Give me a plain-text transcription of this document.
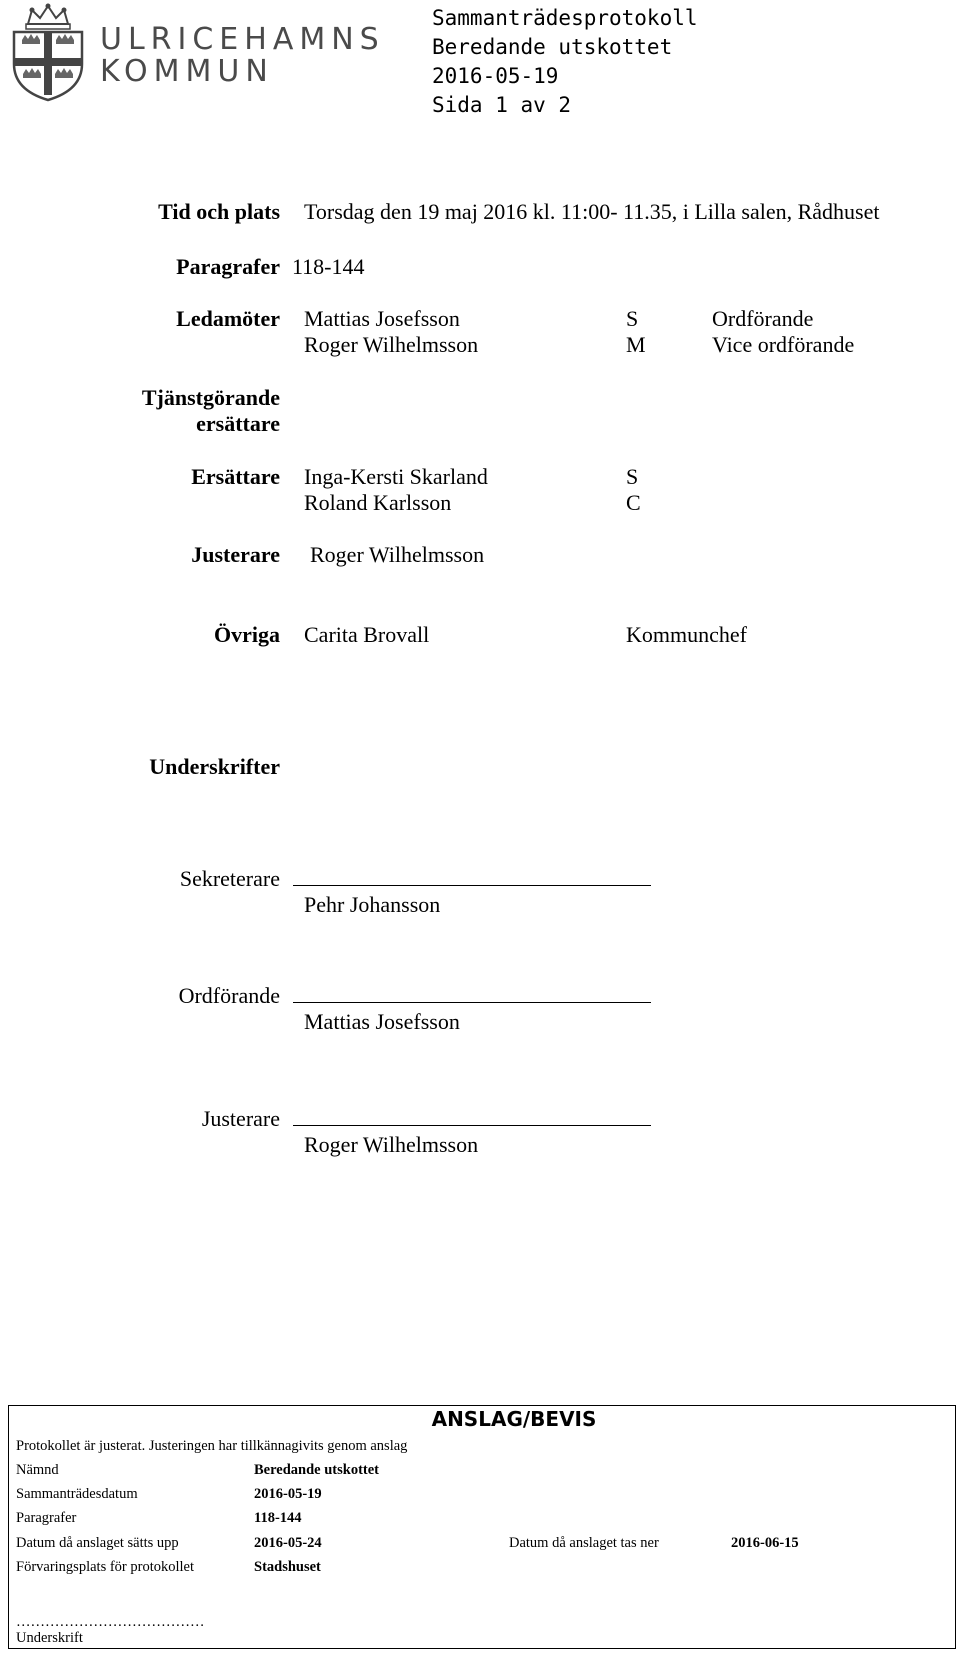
ULRICEHAMNS
KOMMUN
Sammanträdesprotokoll
Beredande utskottet
2016-05-19
Sida 1 av 2
Tid och plats Torsdag den 19 maj 2016 kl. 11:00- 11.35, i Lilla salen, Rådhuset
Paragrafer 118-144
Ledamöter Mattias Josefsson	S	Ordförande
Roger Wilhelmsson	M	Vice ordförande
Tjänstgörande
ersättare
Ersättare Inga-Kersti Skarland	S
Roland Karlsson	C
Justerare Roger Wilhelmsson
Övriga Carita Brovall	Kommunchef
Underskrifter
Sekreterare
Pehr Johansson
Ordförande
Mattias Josefsson
Justerare
Roger Wilhelmsson
ANSLAG/BEVIS
Protokollet är justerat. Justeringen har tillkännagivits genom anslag
Nämnd	Beredande utskottet
Sammanträdesdatum	2016-05-19
Paragrafer	118-144
Datum då anslaget sätts upp	2016-05-24	Datum då anslaget tas ner	2016-06-15
Förvaringsplats för protokollet	Stadshuset
…………………………………
Underskrift
